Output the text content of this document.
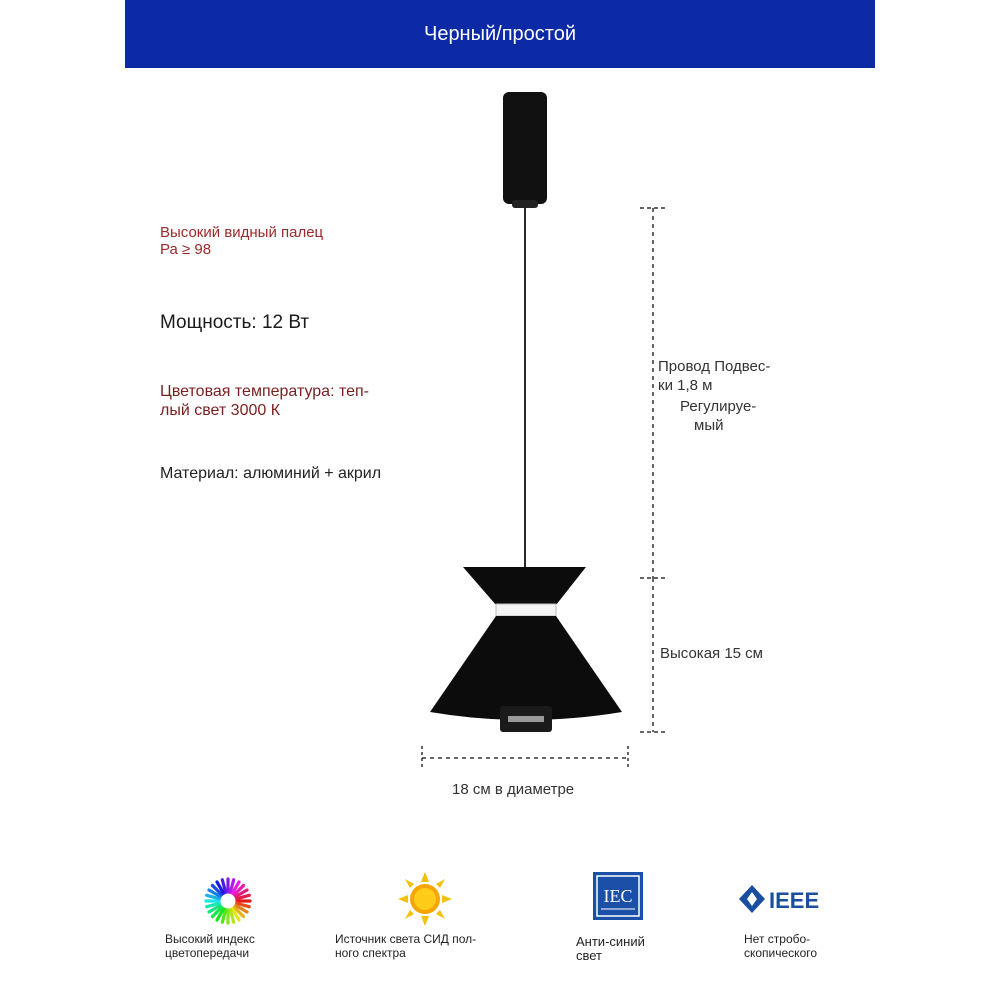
Черный/простой
Высокий видный палец
Ра ≥ 98
Мощность: 12 Вт
Цветовая температура: теп-
лый свет 3000 К
Материал: алюминий + акрил
Провод Подвес-
ки 1,8 м
Регулируе-
мый
Высокая 15 см
18 см в диаметре
IEC	IEEE
Высокий индекс
цветопередачи
Источник света СИД пол-
ного спектра
Анти-синий
свет
Нет стробо-
скопического
